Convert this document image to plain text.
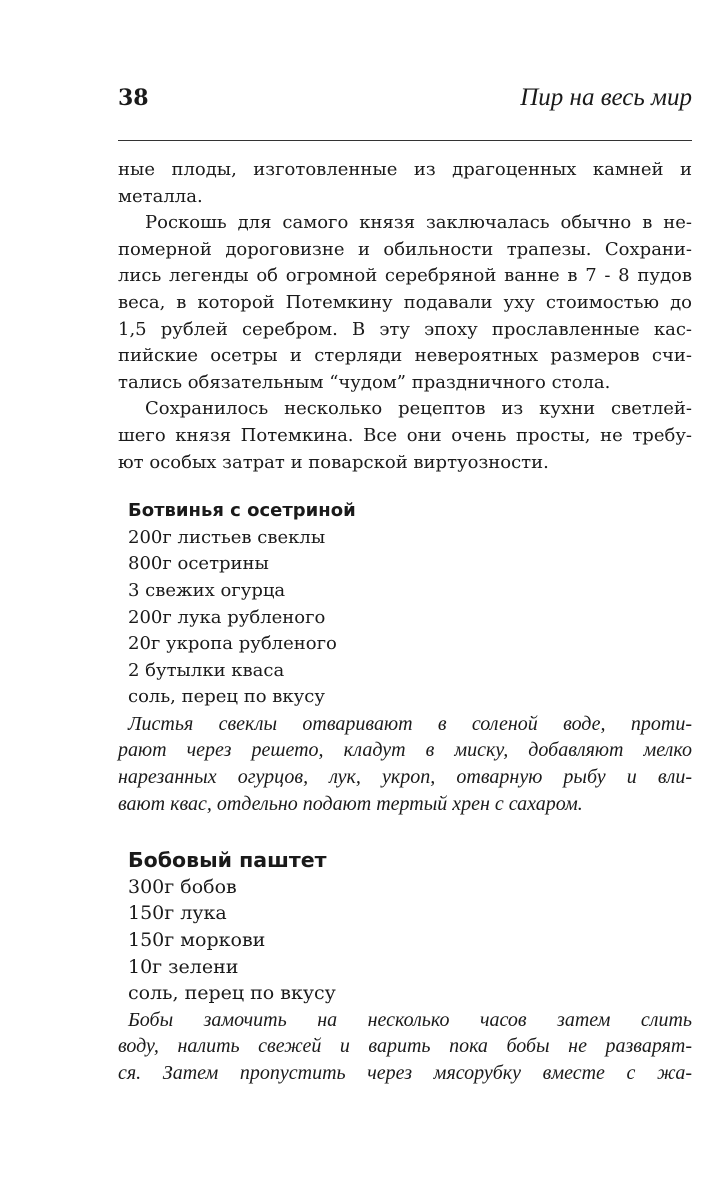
38	Пир на весь мир
ные плоды, изготовленные из драгоценных камней и
металла.
Роскошь для самого князя заключалась обычно в не-
померной дороговизне и обильности трапезы. Сохрани-
лись легенды об огромной серебряной ванне в 7 - 8 пудов
веса, в которой Потемкину подавали уху стоимостью до
1,5 рублей серебром. В эту эпоху прославленные кас-
пийские осетры и стерляди невероятных размеров счи-
тались обязательным “чудом” праздничного стола.
Сохранилось несколько рецептов из кухни светлей-
шего князя Потемкина. Все они очень просты, не требу-
ют особых затрат и поварской виртуозности.
Ботвинья с осетриной
200г листьев свеклы
800г осетрины
3 свежих огурца
200г лука рубленого
20г укропа рубленого
2 бутылки кваса
соль, перец по вкусу
Листья свеклы отваривают в соленой воде, прoти-
рают через решето, кладут в миску, добавляют мелко
нарезанных огурцов, лук, укроп, отварную рыбу и вли-
вают квас, отдельно подают тертый хрен с сахаром.
Бобовый паштет
300г бобов
150г лука
150г моркови
10г зелени
соль, перец по вкусу
Бобы замочить на несколько часов затем слить
воду, налить свежей и варить пока бобы не разварят-
ся. Затем пропустить через мясорубку вместе с жа-
